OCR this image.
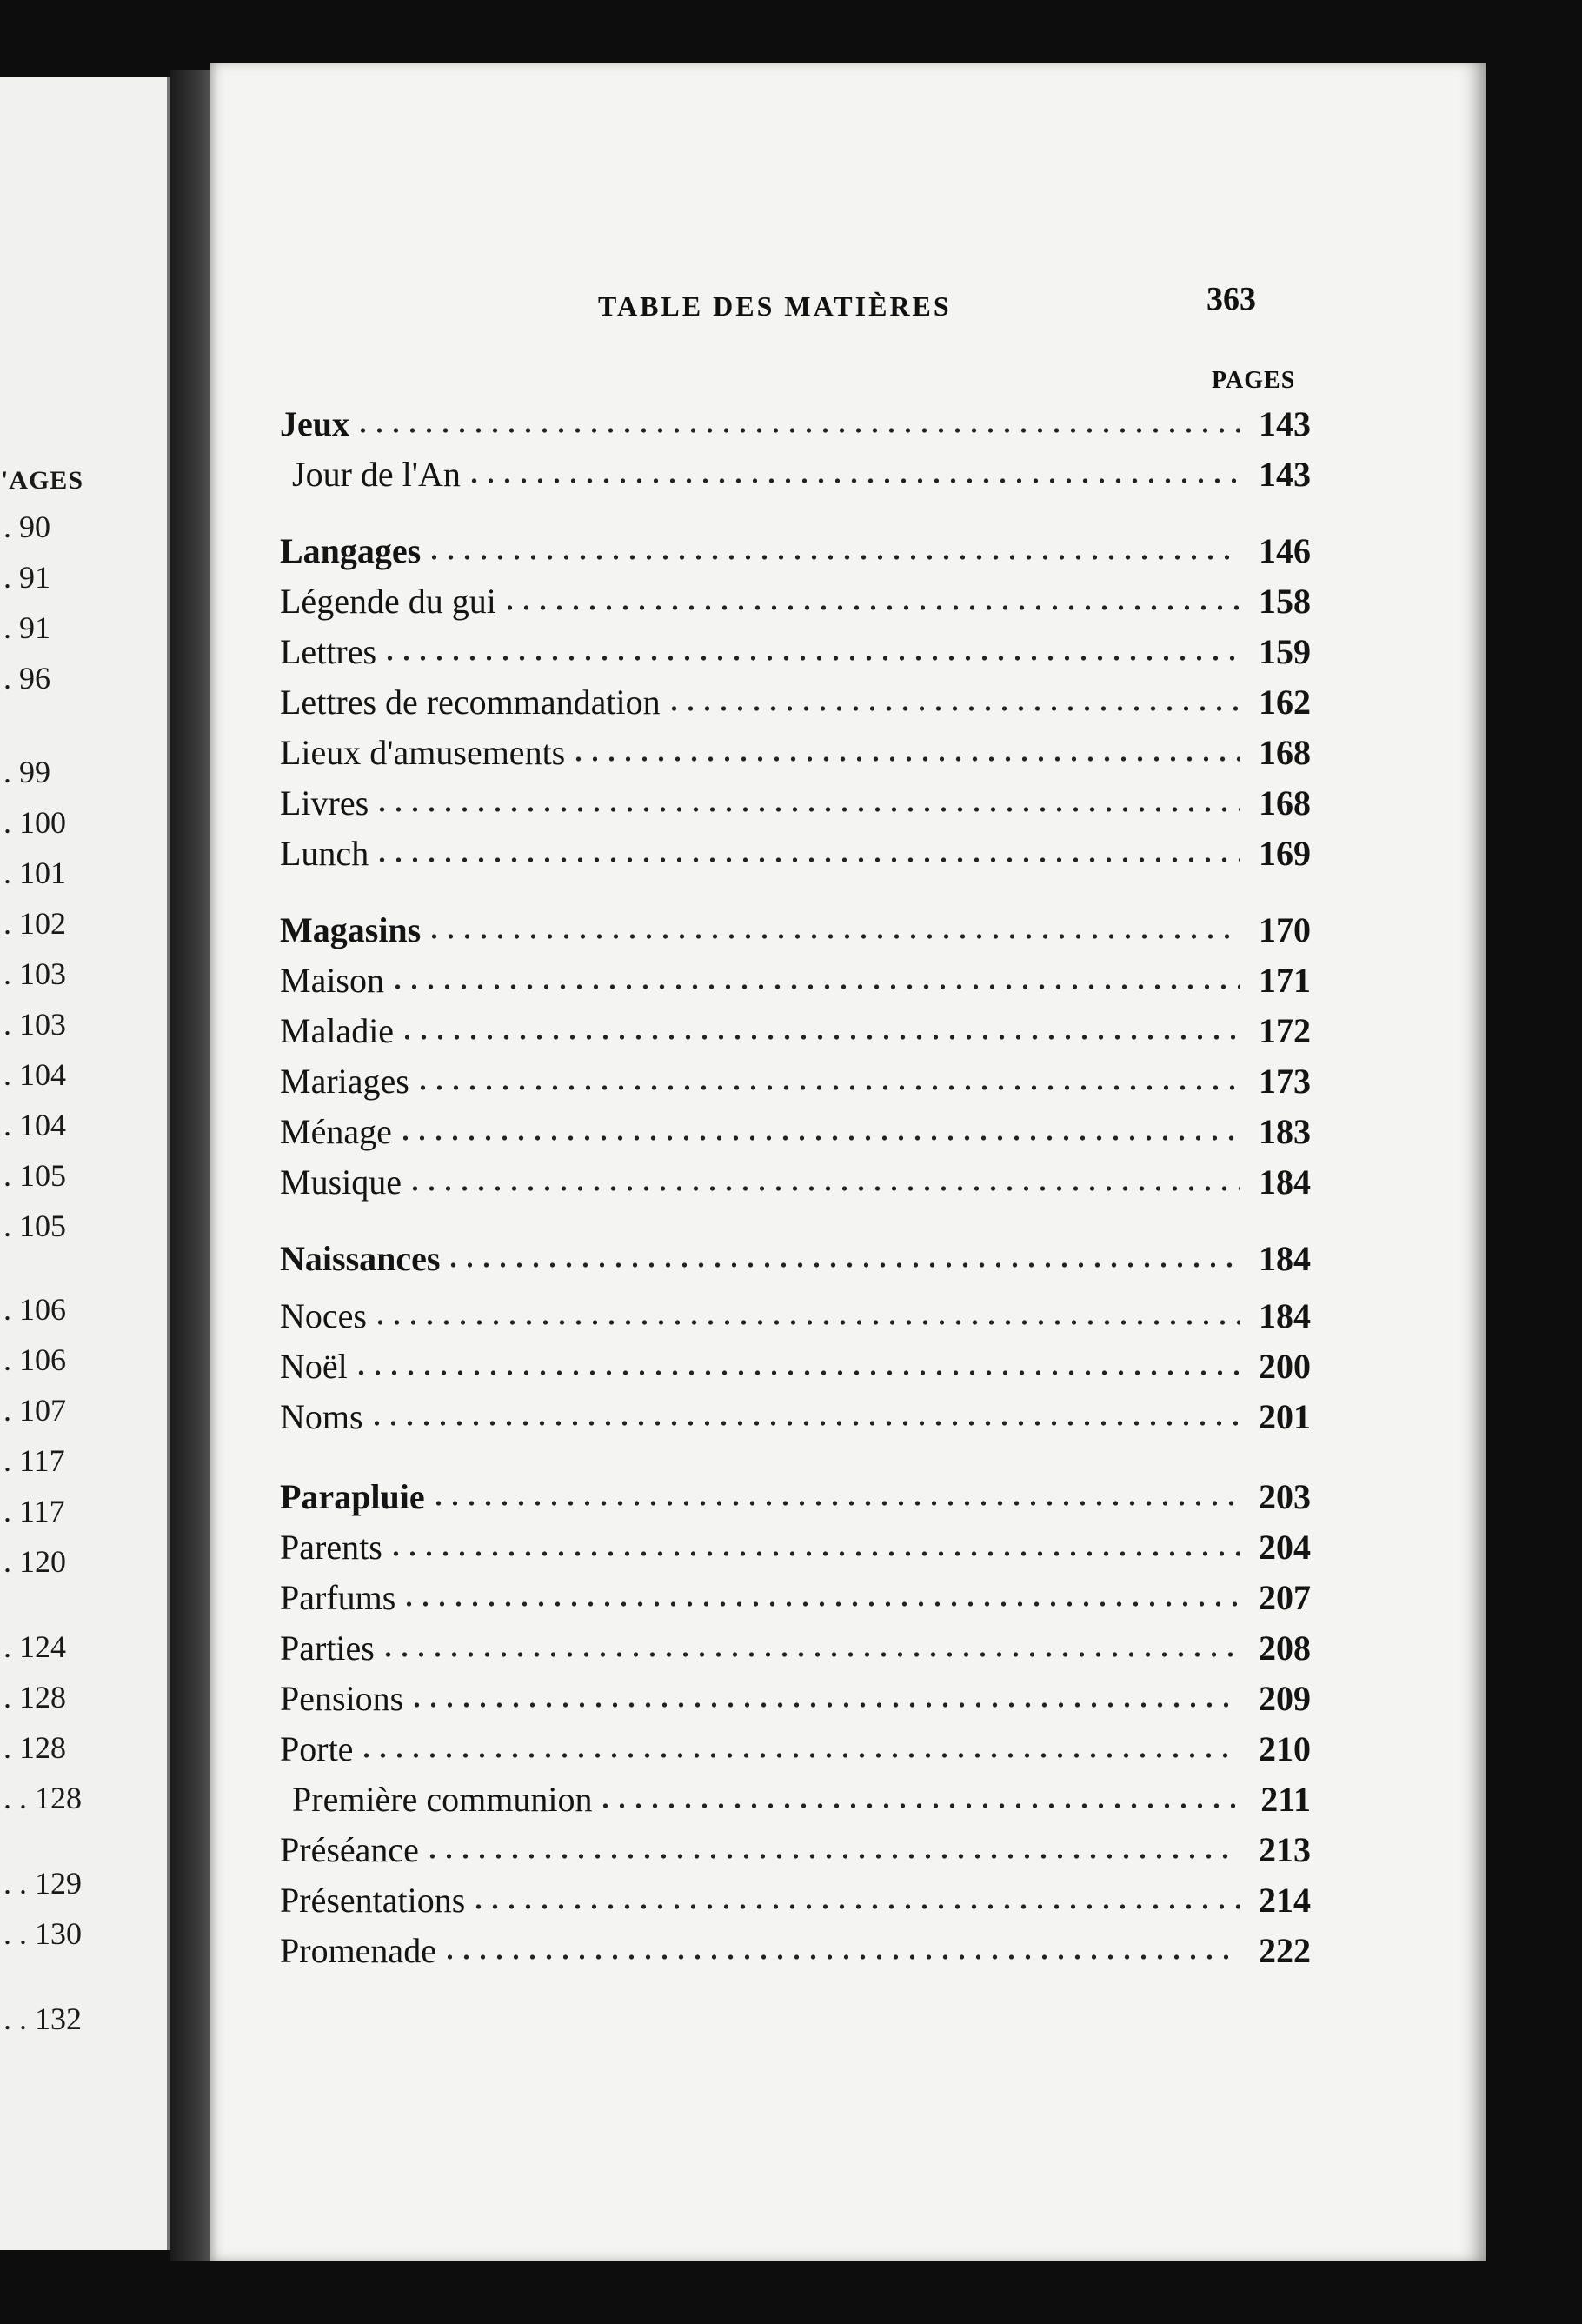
'AGES
. 90
. 91
. 91
. 96
. 99
. 100
. 101
. 102
. 103
. 103
. 104
. 104
. 105
. 105
. 106
. 106
. 107
. 117
. 117
. 120
. 124
. 128
. 128
. . 128
. . 129
. . 130
. . 132
TABLE DES MATIÈRES	363
PAGES
Jeux	143
Jour de l'An	143
Langages	146
Légende du gui	158
Lettres	159
Lettres de recommandation	162
Lieux d'amusements	168
Livres	168
Lunch	169
Magasins	170
Maison	171
Maladie	172
Mariages	173
Ménage	183
Musique	184
Naissances	184
Noces	184
Noël	200
Noms	201
Parapluie	203
Parents	204
Parfums	207
Parties	208
Pensions	209
Porte	210
Première communion	211
Préséance	213
Présentations	214
Promenade	222
